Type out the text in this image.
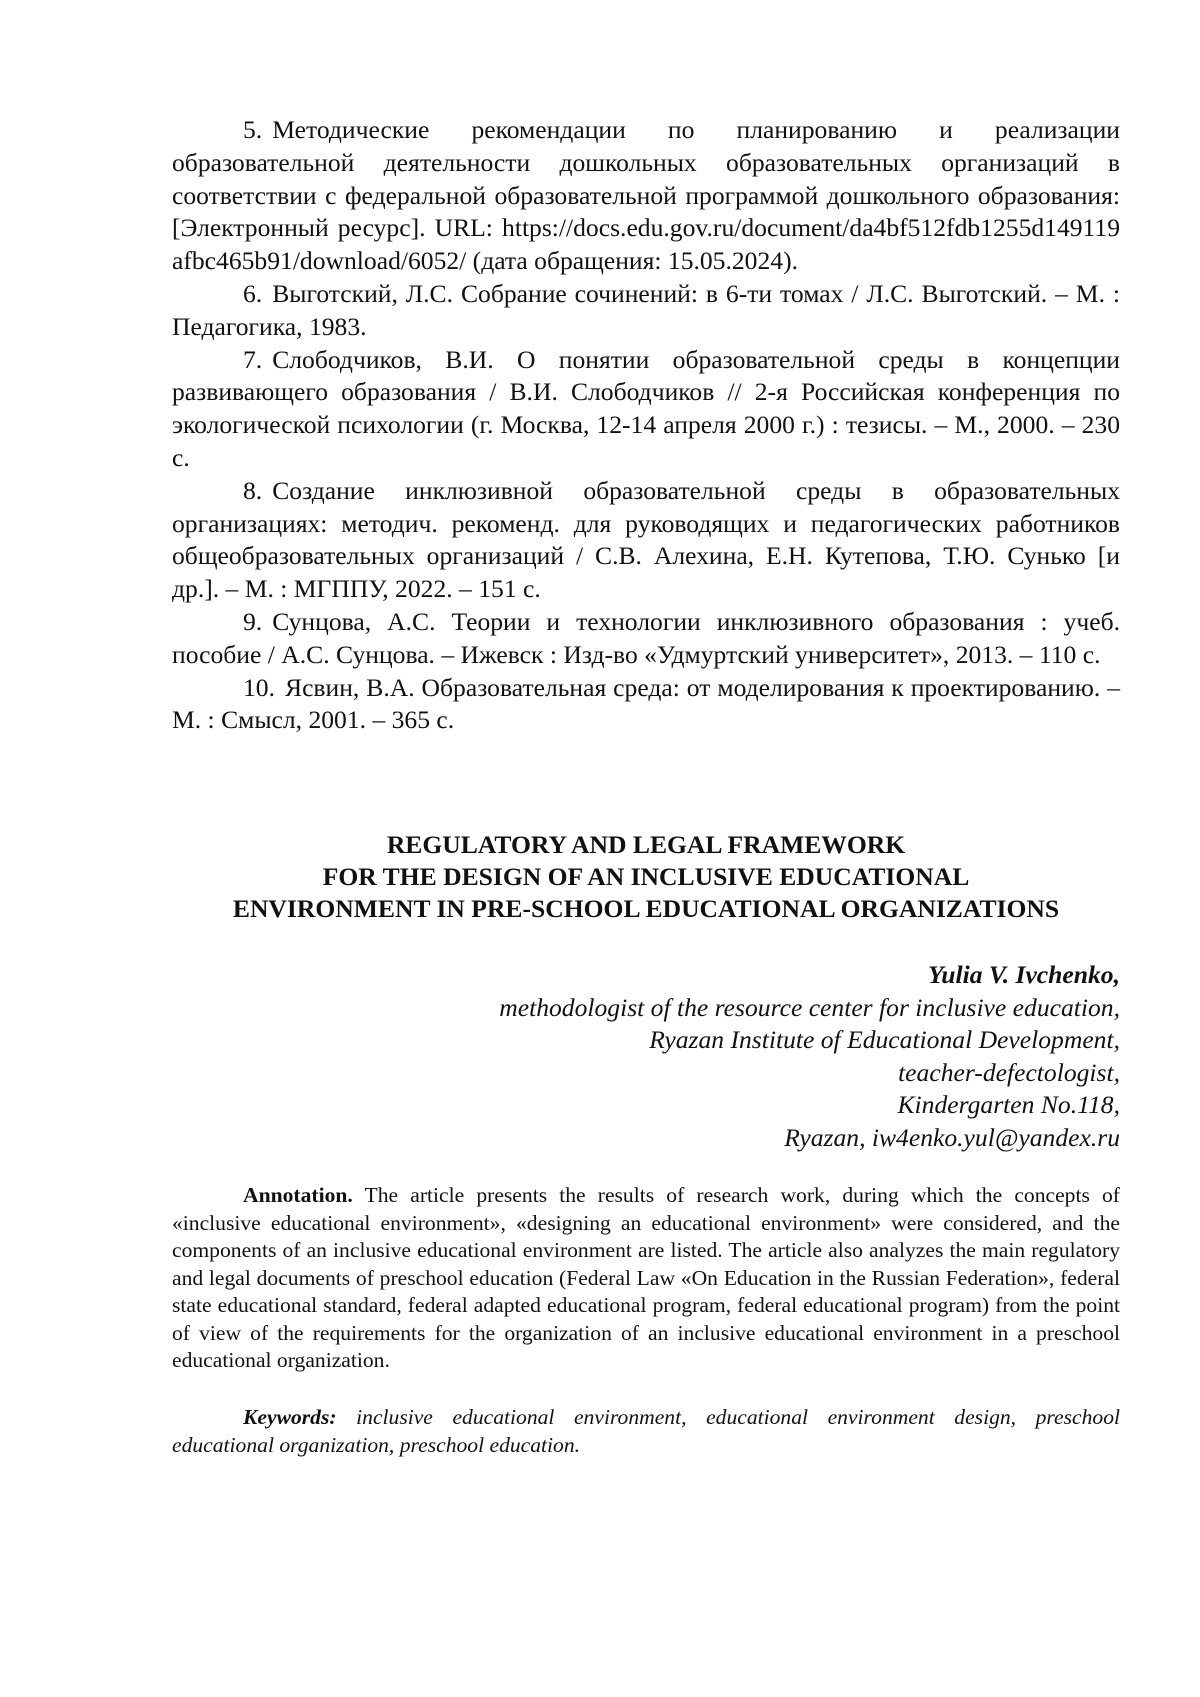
5. Методические рекомендации по планированию и реализации образовательной деятельности дошкольных образовательных организаций в соответствии с федеральной образовательной программой дошкольного образования: [Электронный ресурс]. URL: https://docs.edu.gov.ru/document/da4bf512fdb1255d149119afbc465b91/download/6052/ (дата обращения: 15.05.2024).
6. Выготский, Л.С. Собрание сочинений: в 6-ти томах / Л.С. Выготский. – М. : Педагогика, 1983.
7. Слободчиков, В.И. О понятии образовательной среды в концепции развивающего образования / В.И. Слободчиков // 2-я Российская конференция по экологической психологии (г. Москва, 12-14 апреля 2000 г.) : тезисы. – М., 2000. – 230 с.
8. Создание инклюзивной образовательной среды в образовательных организациях: методич. рекоменд. для руководящих и педагогических работников общеобразовательных организаций / С.В. Алехина, Е.Н. Кутепова, Т.Ю. Сунько [и др.]. – М. : МГППУ, 2022. – 151 с.
9. Сунцова, А.С. Теории и технологии инклюзивного образования : учеб. пособие / А.С. Сунцова. – Ижевск : Изд-во «Удмуртский университет», 2013. – 110 с.
10. Ясвин, В.А. Образовательная среда: от моделирования к проектированию. – М. : Смысл, 2001. – 365 с.
REGULATORY AND LEGAL FRAMEWORK
FOR THE DESIGN OF AN INCLUSIVE EDUCATIONAL
ENVIRONMENT IN PRE-SCHOOL EDUCATIONAL ORGANIZATIONS
Yulia V. Ivchenko,
methodologist of the resource center for inclusive education,
Ryazan Institute of Educational Development,
teacher-defectologist,
Kindergarten No.118,
Ryazan, iw4enko.yul@yandex.ru
Annotation. The article presents the results of research work, during which the concepts of «inclusive educational environment», «designing an educational environment» were considered, and the components of an inclusive educational environment are listed. The article also analyzes the main regulatory and legal documents of preschool education (Federal Law «On Education in the Russian Federation», federal state educational standard, federal adapted educational program, federal educational program) from the point of view of the requirements for the organization of an inclusive educational environment in a preschool educational organization.
Keywords: inclusive educational environment, educational environment design, preschool educational organization, preschool education.
